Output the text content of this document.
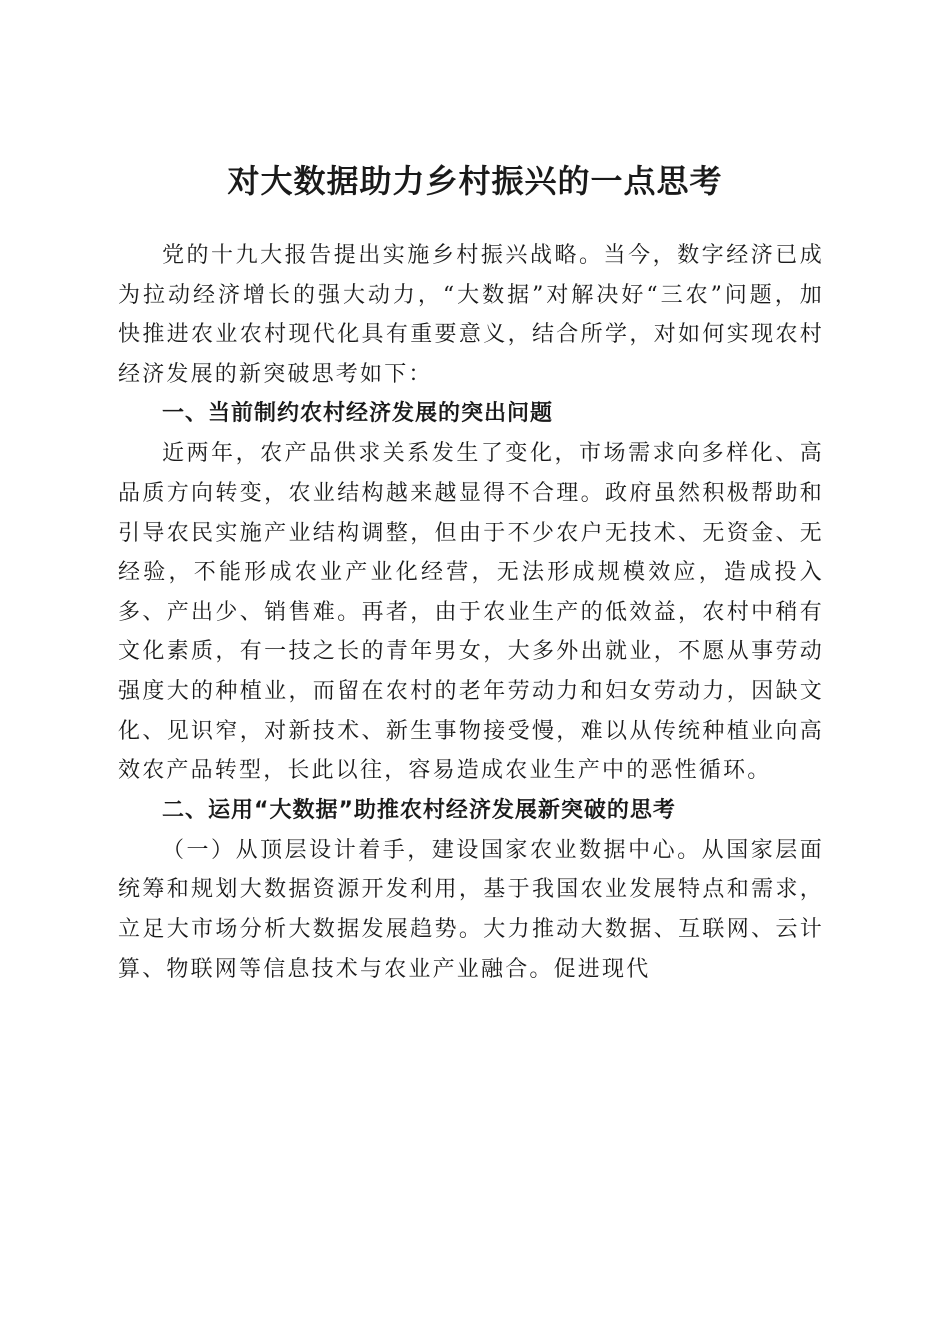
对大数据助力乡村振兴的一点思考

党的十九大报告提出实施乡村振兴战略。当今，数字经济已成为拉动经济增长的强大动力，“大数据”对解决好“三农”问题，加快推进农业农村现代化具有重要意义，结合所学，对如何实现农村经济发展的新突破思考如下：

一、当前制约农村经济发展的突出问题

近两年，农产品供求关系发生了变化，市场需求向多样化、高品质方向转变，农业结构越来越显得不合理。政府虽然积极帮助和引导农民实施产业结构调整，但由于不少农户无技术、无资金、无经验，不能形成农业产业化经营，无法形成规模效应，造成投入多、产出少、销售难。再者，由于农业生产的低效益，农村中稍有文化素质，有一技之长的青年男女，大多外出就业，不愿从事劳动强度大的种植业，而留在农村的老年劳动力和妇女劳动力，因缺文化、见识窄，对新技术、新生事物接受慢，难以从传统种植业向高效农产品转型，长此以往，容易造成农业生产中的恶性循环。

二、运用“大数据”助推农村经济发展新突破的思考

（一）从顶层设计着手，建设国家农业数据中心。从国家层面统筹和规划大数据资源开发利用，基于我国农业发展特点和需求，立足大市场分析大数据发展趋势。大力推动大数据、互联网、云计算、物联网等信息技术与农业产业融合。促进现代
